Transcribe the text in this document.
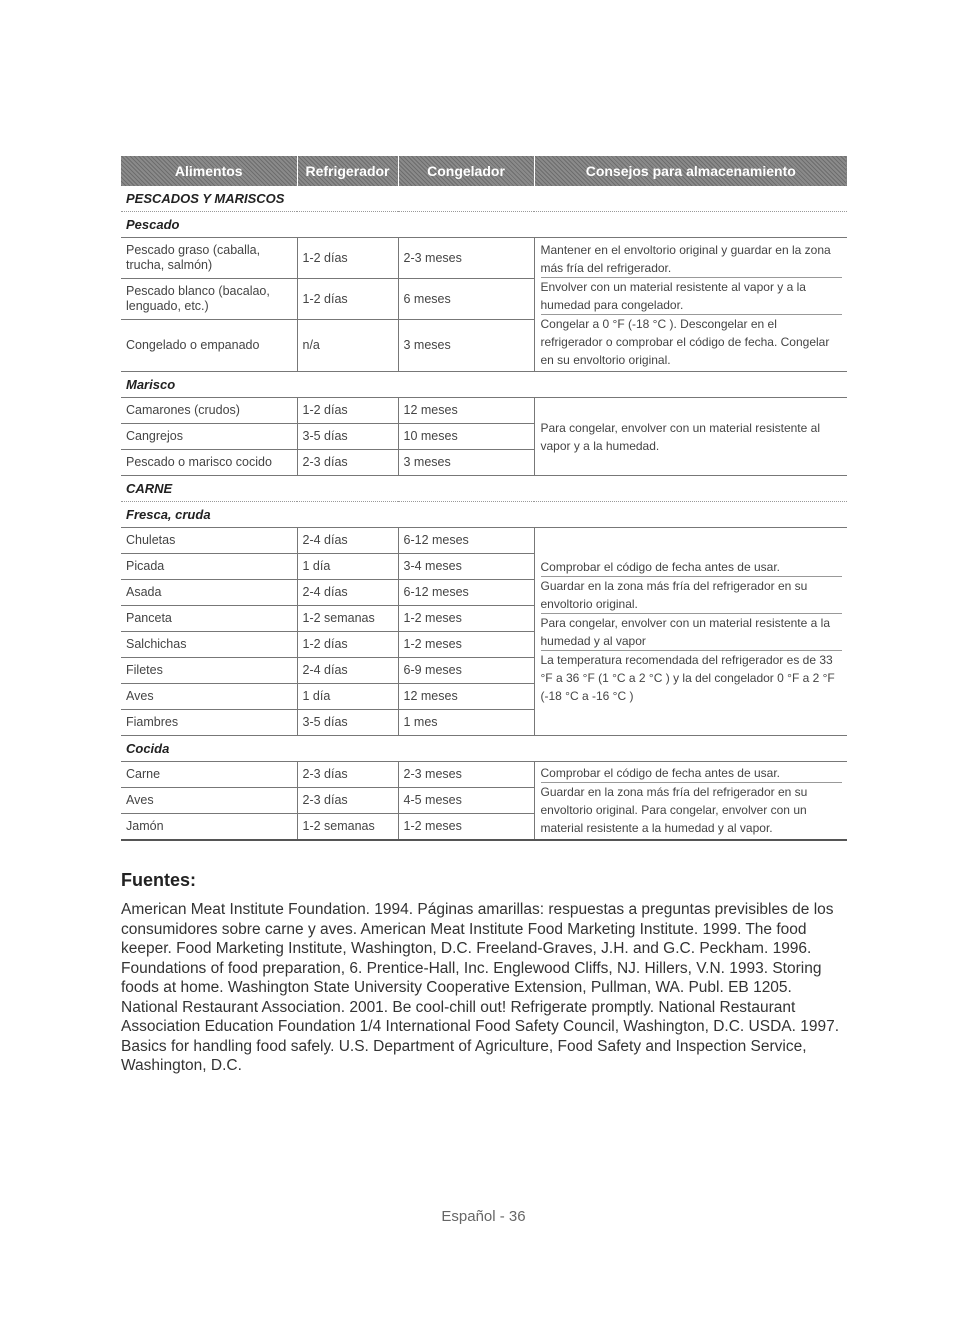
Alimentos	Refrigerador	Congelador	Consejos para almacenamiento
PESCADOS Y MARISCOS			
Pescado			
Pescado graso (caballa, trucha, salmón)	1-2 días	2-3 meses	Mantener en el envoltorio original y guardar en la zona más fría del refrigerador.
Envolver con un material resistente al vapor y a la humedad para congelador.
Congelar a 0 °F (-18 °C ). Descongelar en el refrigerador o comprobar el código de fecha. Congelar en su envoltorio original.

Pescado blanco (bacalao, lenguado, etc.)	1-2 días	6 meses	
Congelado o empanado	n/a	3 meses	
Marisco			
Camarones (crudos)	1-2 días	12 meses	Para congelar, envolver con un material resistente al vapor y a la humedad.
Cangrejos	3-5 días	10 meses	
Pescado o marisco cocido	2-3 días	3 meses	
CARNE			
Fresca, cruda			
Chuletas	2-4 días	6-12 meses	Comprobar el código de fecha antes de usar.
Guardar en la zona más fría del refrigerador en su envoltorio original.
Para congelar, envolver con un material resistente a la humedad y al vapor
La temperatura recomendada del refrigerador es de 33 °F a 36 °F (1 °C a 2 °C ) y la del congelador 0 °F a 2 °F (-18 °C a -16 °C )

Picada	1 día	3-4 meses	
Asada	2-4 días	6-12 meses	
Panceta	1-2 semanas	1-2 meses	
Salchichas	1-2 días	1-2 meses	
Filetes	2-4 días	6-9 meses	
Aves	1 día	12 meses	
Fiambres	3-5 días	1 mes	
Cocida			
Carne	2-3 días	2-3 meses	Comprobar el código de fecha antes de usar.
Guardar en la zona más fría del refrigerador en su envoltorio original. Para congelar, envolver con un material resistente a la humedad y al vapor.

Aves	2-3 días	4-5 meses	
Jamón	1-2 semanas	1-2 meses	
Fuentes:
American Meat Institute Foundation. 1994. Páginas amarillas: respuestas a preguntas previsibles de los consumidores sobre carne y aves. American Meat Institute Food Marketing Institute. 1999. The food keeper. Food Marketing Institute, Washington, D.C. Freeland-Graves, J.H. and G.C. Peckham. 1996. Foundations of food preparation, 6. Prentice-Hall, Inc. Englewood Cliffs, NJ. Hillers, V.N. 1993. Storing foods at home. Washington State University Cooperative Extension, Pullman, WA. Publ. EB 1205. National Restaurant Association. 2001. Be cool-chill out! Refrigerate promptly. National Restaurant Association Education Foundation 1/4 International Food Safety Council, Washington, D.C. USDA. 1997. Basics for handling food safely. U.S. Department of Agriculture, Food Safety and Inspection Service, Washington, D.C.
Español - 36
